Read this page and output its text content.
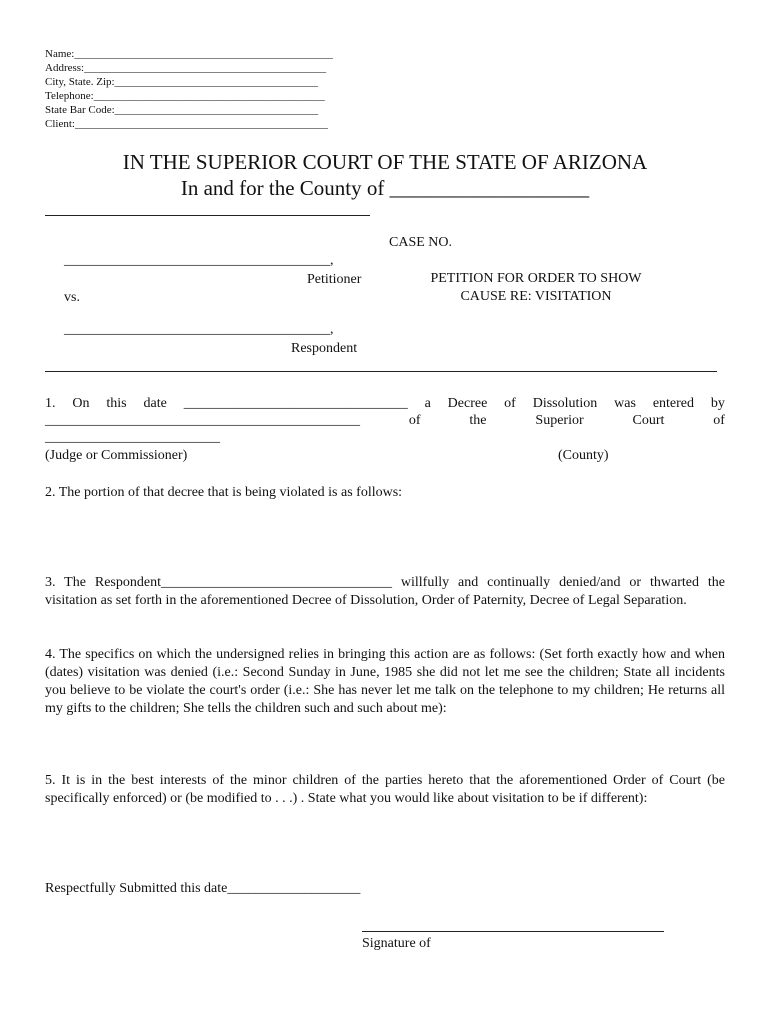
Name:_______________________________________________
Address:____________________________________________
City, State. Zip:_____________________________________
Telephone:__________________________________________
State Bar Code:_____________________________________
Client:______________________________________________
IN THE SUPERIOR COURT OF THE STATE OF ARIZONA
In and for the County of ___________________
CASE NO.
______________________________________,
Petitioner
vs.
______________________________________,
Respondent
PETITION FOR ORDER TO SHOW
CAUSE RE: VISITATION
1. On this date ________________________________ a Decree of Dissolution was entered by
_____________________________________________	of	the	Superior	Court	of
_________________________
(Judge or Commissioner)	(County)
2. The portion of that decree that is being violated is as follows:
3. The Respondent_________________________________ willfully and continually denied/and or thwarted the visitation as set forth in the aforementioned Decree of Dissolution, Order of Paternity, Decree of Legal Separation.
4. The specifics on which the undersigned relies in bringing this action are as follows: (Set forth exactly how and when (dates) visitation was denied (i.e.: Second Sunday in June, 1985 she did not let me see the children; State all incidents you believe to be violate the court's order (i.e.: She has never let me talk on the telephone to my children; He returns all my gifts to the children; She tells the children such and such about me):
5. It is in the best interests of the minor children of the parties hereto that the aforementioned Order of Court (be specifically enforced) or (be modified to . . .) . State what you would like about visitation to be if different):
Respectfully Submitted this date___________________
Signature of
